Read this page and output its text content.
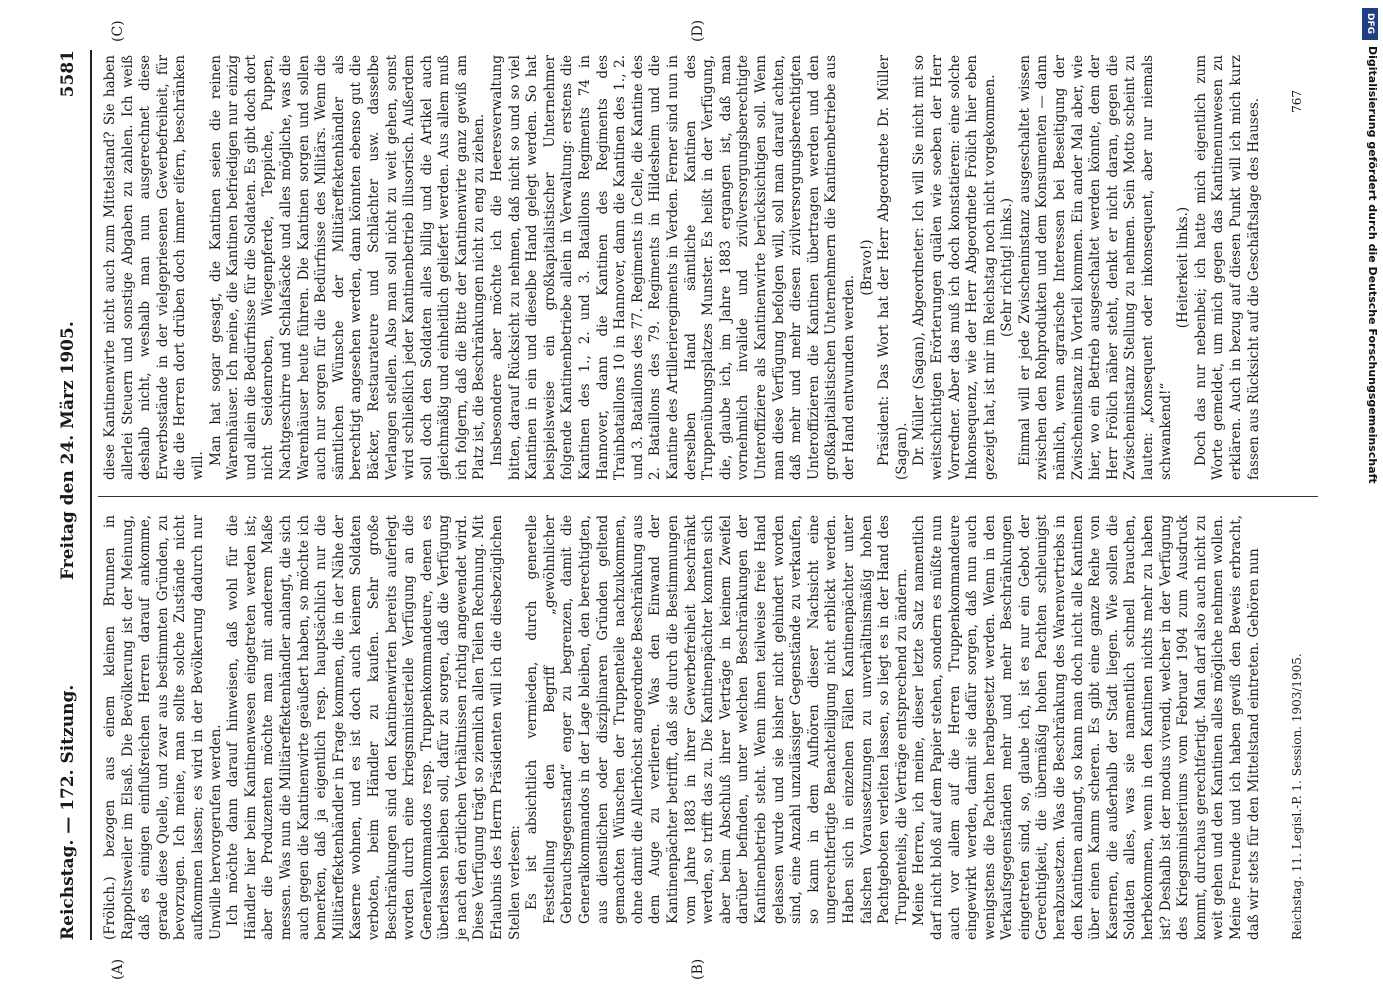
Reichstag. — 172. Sitzung.
Freitag den 24. März 1905.
5581
(A)	(B)
(C)	(D)

(Frölich.) bezogen aus einem kleinen Brunnen in Rappoltsweiler im Elsaß. Die Bevölkerung ist der Meinung, daß es einigen einflußreichen Herren darauf ankomme, gerade diese Quelle, und zwar aus bestimmten Gründen, zu bevorzugen. Ich meine, man sollte solche Zustände nicht aufkommen lassen; es wird in der Bevölkerung dadurch nur Unwille hervorgerufen werden. Ich möchte dann darauf hinweisen, daß wohl für die Händler hier beim Kantinenwesen eingetreten werden ist; aber die Produzenten möchte man mit anderem Maße messen. Was nun die Militäreffektenhändler anlangt, die sich auch gegen die Kantinenwirte geäußert haben, so möchte ich bemerken, daß ja eigentlich resp. hauptsächlich nur die Militäreffektenhändler in Frage kommen, die in der Nähe der Kaserne wohnen, und es ist doch auch keinem Soldaten verboten, beim Händler zu kaufen. Sehr große Beschränkungen sind den Kantinenwirten bereits auferlegt worden durch eine kriegsministerielle Verfügung an die Generalkommandos resp. Truppenkommandeure, denen es überlassen bleiben soll, dafür zu sorgen, daß die Verfügung je nach den örtlichen Verhältnissen richtig angewendet wird. Diese Verfügung trägt so ziemlich allen Teilen Rechnung. Mit Erlaubnis des Herrn Präsidenten will ich die diesbezüglichen Stellen verlesen: Es ist absichtlich vermieden, durch generelle Feststellung den Begriff „gewöhnlicher Gebrauchsgegenstand“ enger zu begrenzen, damit die Generalkommandos in der Lage bleiben, den berechtigten, aus dienstlichen oder disziplinaren Gründen geltend gemachten Wünschen der Truppenteile nachzukommen, ohne damit die Allerhöchst angeordnete Beschränkung aus dem Auge zu verlieren. Was den Einwand der Kantinenpächter betrifft, daß sie durch die Bestimmungen vom Jahre 1883 in ihrer Gewerbefreiheit beschränkt werden, so trifft das zu. Die Kantinenpächter konnten sich aber beim Abschluß ihrer Verträge in keinem Zweifel darüber befinden, unter welchen Beschränkungen der Kantinenbetrieb steht. Wenn ihnen teilweise freie Hand gelassen wurde und sie bisher nicht gehindert worden sind, eine Anzahl unzulässiger Gegenstände zu verkaufen, so kann in dem Aufhören dieser Nachsicht eine ungerechtfertigte Benachteiligung nicht erblickt werden. Haben sich in einzelnen Fällen Kantinenpächter unter falschen Voraussetzungen zu unverhältnismäßig hohen Pachtgeboten verleiten lassen, so liegt es in der Hand des Truppenteils, die Verträge entsprechend zu ändern. Meine Herren, ich meine, dieser letzte Satz namentlich darf nicht bloß auf dem Papier stehen, sondern es müßte nun auch vor allem auf die Herren Truppenkommandeure eingewirkt werden, damit sie dafür sorgen, daß nun auch wenigstens die Pachten herabgesetzt werden. Wenn in den Verkaufsgegenständen mehr und mehr Beschränkungen eingetreten sind, so, glaube ich, ist es nur ein Gebot der Gerechtigkeit, die übermäßig hohen Pachten schleunigst herabzusetzen. Was die Beschränkung des Warenvertriebs in den Kantinen anlangt, so kann man doch nicht alle Kantinen über einen Kamm scheren. Es gibt eine ganze Reihe von Kasernen, die außerhalb der Stadt liegen. Wie sollen die Soldaten alles, was sie namentlich schnell brauchen, herbekommen, wenn in den Kantinen nichts mehr zu haben ist? Deshalb ist der modus vivendi, welcher in der Verfügung des Kriegsministeriums vom Februar 1904 zum Ausdruck kommt, durchaus gerechtfertigt. Man darf also auch nicht zu weit gehen und den Kantinen alles mögliche nehmen wollen. Meine Freunde und ich haben gewiß den Beweis erbracht, daß wir stets für den Mittelstand eintreten. Gehören nun

diese Kantinenwirte nicht auch zum Mittelstand? Sie haben allerlei Steuern und sonstige Abgaben zu zahlen. Ich weiß deshalb nicht, weshalb man nun ausgerechnet diese Erwerbsstände in der vielgepriesenen Gewerbefreiheit, für die die Herren dort drüben doch immer eifern, beschränken will. Man hat sogar gesagt, die Kantinen seien die reinen Warenhäuser. Ich meine, die Kantinen befriedigen nur einzig und allein die Bedürfnisse für die Soldaten. Es gibt doch dort nicht Seidenroben, Wiegenpferde, Teppiche, Puppen, Nachtgeschirre und Schlafsäcke und alles mögliche, was die Warenhäuser heute führen. Die Kantinen sorgen und sollen auch nur sorgen für die Bedürfnisse des Militärs. Wenn die sämtlichen Wünsche der Militäreffektenhändler als berechtigt angesehen werden, dann könnten ebenso gut die Bäcker, Restaurateure und Schlächter usw. dasselbe Verlangen stellen. Also man soll nicht zu weit gehen, sonst wird schließlich jeder Kantinenbetrieb illusorisch. Außerdem soll doch den Soldaten alles billig und die Artikel auch gleichmäßig und einheitlich geliefert werden. Aus allem muß ich folgern, daß die Bitte der Kantinenwirte ganz gewiß am Platz ist, die Beschränkungen nicht zu eng zu ziehen. Insbesondere aber möchte ich die Heeresverwaltung bitten, darauf Rücksicht zu nehmen, daß nicht so und so viel Kantinen in ein und dieselbe Hand gelegt werden. So hat beispielsweise ein großkapitalistischer Unternehmer folgende Kantinenbetriebe allein in Verwaltung: erstens die Kantinen des 1., 2. und 3. Bataillons Regiments 74 in Hannover, dann die Kantinen des Regiments des Trainbataillons 10 in Hannover, dann die Kantinen des 1., 2. und 3. Bataillons des 77. Regiments in Celle, die Kantine des 2. Bataillons des 79. Regiments in Hildesheim und die Kantine des Artillerieregiments in Verden. Ferner sind nun in derselben Hand sämtliche Kantinen des Truppenübungsplatzes Munster. Es heißt in der Verfügung, die, glaube ich, im Jahre 1883 ergangen ist, daß man vornehmlich invalide und zivilversorgungsberechtigte Unteroffiziere als Kantinenwirte berücksichtigen soll. Wenn man diese Verfügung befolgen will, soll man darauf achten, daß mehr und mehr diesen zivilversorgungsberechtigten Unteroffizieren die Kantinen übertragen werden und den großkapitalistischen Unternehmern die Kantinenbetriebe aus der Hand entwunden werden.

(Bravo!) Präsident: Das Wort hat der Herr Abgeordnete Dr. Müller (Sagan). Dr. Müller (Sagan), Abgeordneter: Ich will Sie nicht mit so weitschichtigen Erörterungen quälen wie soeben der Herr Vorredner. Aber das muß ich doch konstatieren: eine solche Inkonsequenz, wie der Herr Abgeordnete Frölich hier eben gezeigt hat, ist mir im Reichstag noch nicht vorgekommen. (Sehr richtig! links.) Einmal will er jede Zwischeninstanz ausgeschaltet wissen zwischen den Rohprodukten und dem Konsumenten — dann nämlich, wenn agrarische Interessen bei Beseitigung der Zwischeninstanz in Vorteil kommen. Ein ander Mal aber, wie hier, wo ein Betrieb ausgeschaltet werden könnte, dem der Herr Frölich näher steht, denkt er nicht daran, gegen die Zwischeninstanz Stellung zu nehmen. Sein Motto scheint zu lauten: „Konsequent oder inkonsequent, aber nur niemals schwankend!“

(Heiterkeit links.) Doch das nur nebenbei; ich hatte mich eigentlich zum Worte gemeldet, um mich gegen das Kantinenunwesen zu erklären. Auch in bezug auf diesen Punkt will ich mich kurz fassen aus Rücksicht auf die Geschäftslage des Hauses.

Reichstag. 11. Legisl.-P. 1. Session. 1903/1905.
767
DFG
Digitalisierung gefördert durch die Deutsche Forschungsgemeinschaft
